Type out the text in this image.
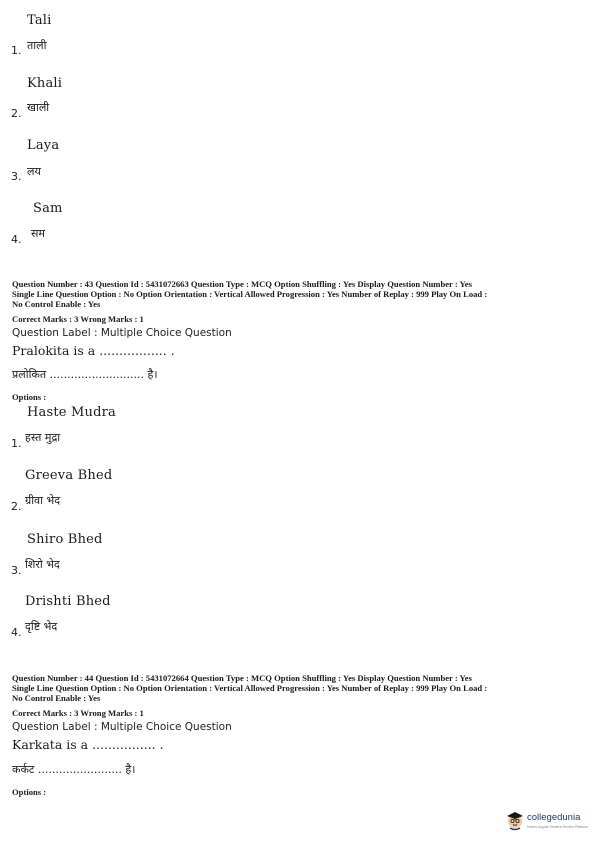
Tali
1. ताली
Khali
2. खाली
Laya
3. लय
Sam
4. सम
Question Number : 43 Question Id : 5431072663 Question Type : MCQ Option Shuffling : Yes Display Question Number : Yes
Single Line Question Option : No Option Orientation : Vertical Allowed Progression : Yes Number of Replay : 999 Play On Load :
No Control Enable : Yes
Correct Marks : 3 Wrong Marks : 1
Question Label : Multiple Choice Question
Pralokita is a ................. .
प्रलोकित ........................... है।
Options :
Haste Mudra
1. हस्त मुद्रा
Greeva Bhed
2. ग्रीवा भेद
Shiro Bhed
3. शिरो भेद
Drishti Bhed
4. दृष्टि भेद
Question Number : 44 Question Id : 5431072664 Question Type : MCQ Option Shuffling : Yes Display Question Number : Yes
Single Line Question Option : No Option Orientation : Vertical Allowed Progression : Yes Number of Replay : 999 Play On Load :
No Control Enable : Yes
Correct Marks : 3 Wrong Marks : 1
Question Label : Multiple Choice Question
Karkata is a ................ .
कर्कट ........................ है।
Options :
collegedunia
India's largest Student Review Platform
